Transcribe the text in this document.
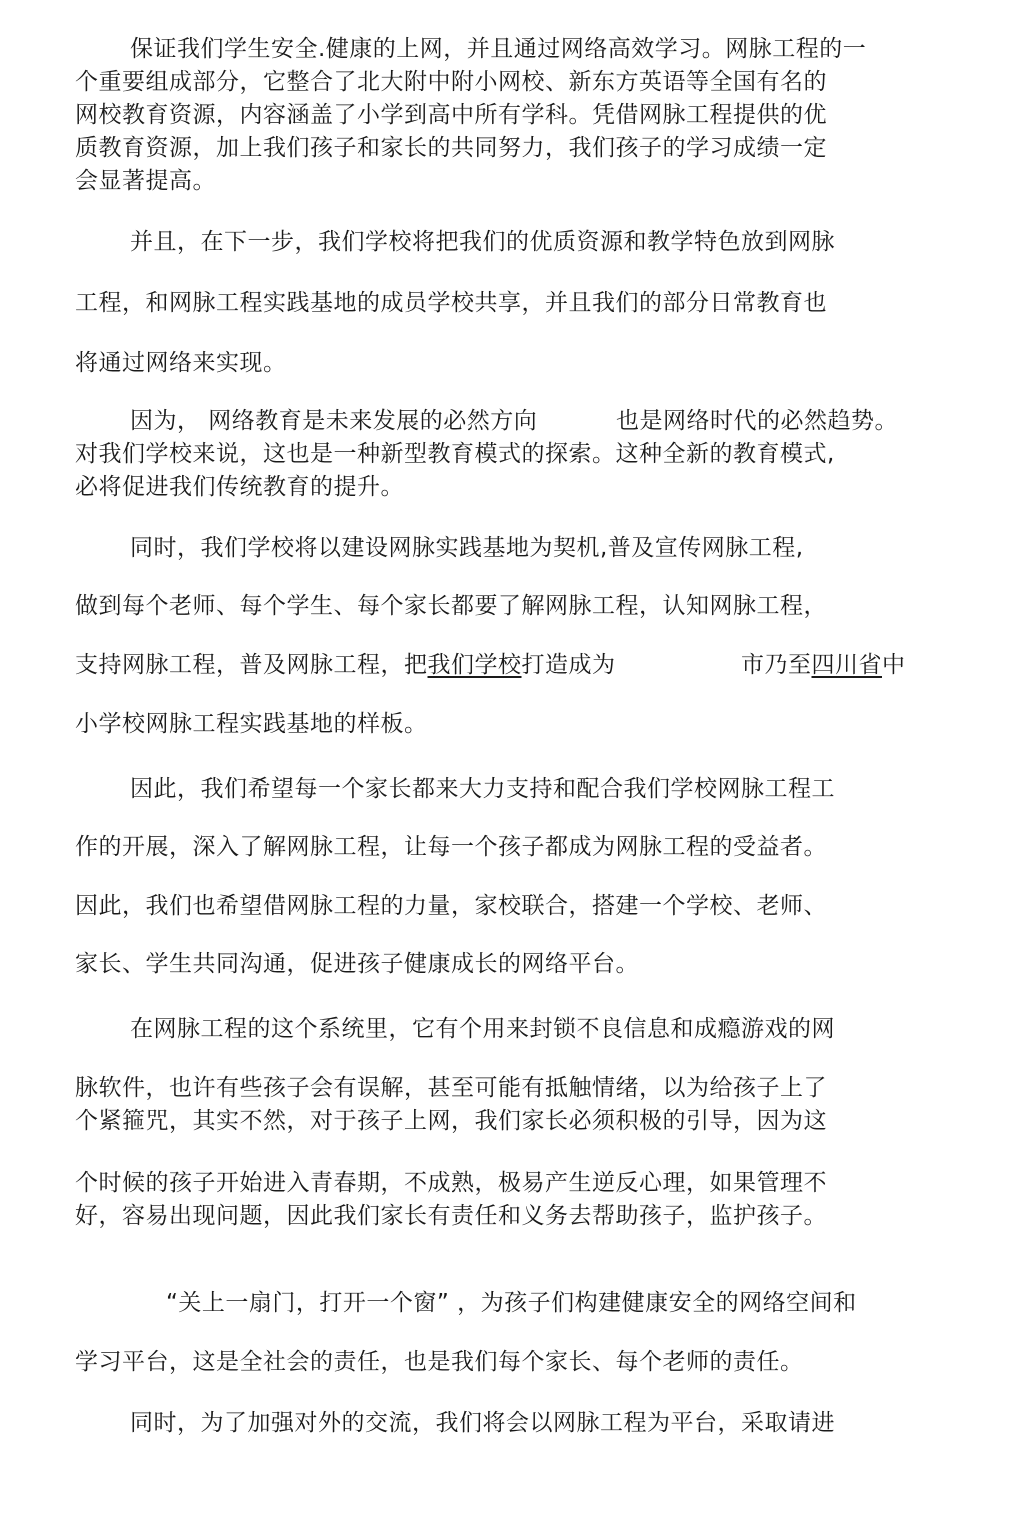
保证我们学生安全.健康的上网，并且通过网络高效学习。网脉工程的一
个重要组成部分，它整合了北大附中附小网校、新东方英语等全国有名的
网校教育资源，内容涵盖了小学到高中所有学科。凭借网脉工程提供的优
质教育资源，加上我们孩子和家长的共同努力，我们孩子的学习成绩一定
会显著提高。
并且，在下一步，我们学校将把我们的优质资源和教学特色放到网脉
工程，和网脉工程实践基地的成员学校共享，并且我们的部分日常教育也
将通过网络来实现。
因为， 网络教育是未来发展的必然方向	也是网络时代的必然趋势。
对我们学校来说，这也是一种新型教育模式的探索。这种全新的教育模式,
必将促进我们传统教育的提升。
同时，我们学校将以建设网脉实践基地为契机,普及宣传网脉工程,
做到每个老师、每个学生、每个家长都要了解网脉工程，认知网脉工程，
支持网脉工程，普及网脉工程，把我们学校打造成为	市乃至四川省中
小学校网脉工程实践基地的样板。
因此，我们希望每一个家长都来大力支持和配合我们学校网脉工程工
作的开展，深入了解网脉工程，让每一个孩子都成为网脉工程的受益者。
因此，我们也希望借网脉工程的力量，家校联合，搭建一个学校、老师、
家长、学生共同沟通，促进孩子健康成长的网络平台。
在网脉工程的这个系统里，它有个用来封锁不良信息和成瘾游戏的网
脉软件，也许有些孩子会有误解，甚至可能有抵触情绪，以为给孩子上了
个紧箍咒，其实不然，对于孩子上网，我们家长必须积极的引导，因为这
个时候的孩子开始进入青春期，不成熟，极易产生逆反心理，如果管理不
好，容易出现问题，因此我们家长有责任和义务去帮助孩子，监护孩子。
“关上一扇门，打开一个窗” ，为孩子们构建健康安全的网络空间和
学习平台，这是全社会的责任，也是我们每个家长、每个老师的责任。
同时，为了加强对外的交流，我们将会以网脉工程为平台，采取请进
